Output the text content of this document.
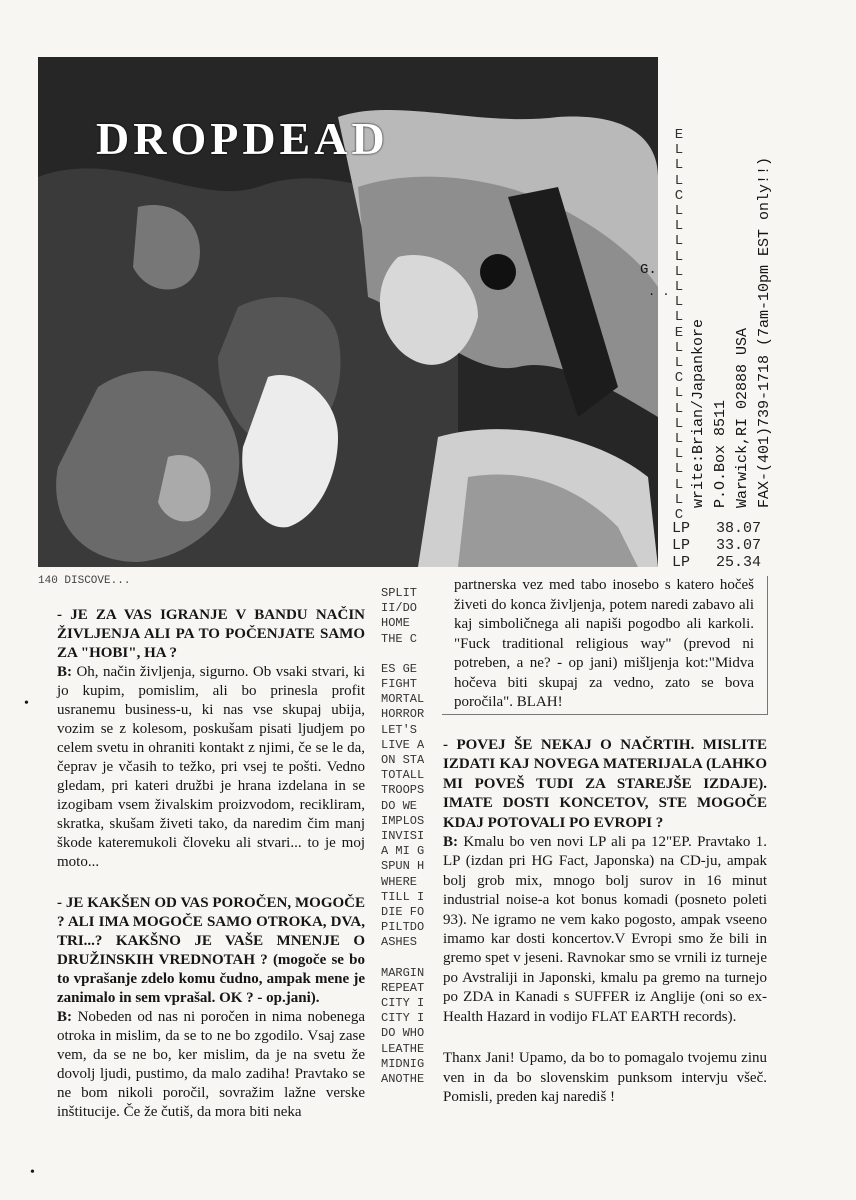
DROPDEAD	E
L
L
L
C
L
L
L
L
L
L
L
L
E
L
L
C
L
L
L
L
L
L
L
L
C
G.
. .
write:Brian/Japankore P.O.Box 8511 Warwick,RI 02888 USA FAX-(401)739-1718 (7am-10pm EST only!!)
LP 38.07
LP 33.07
LP 25.34
140 DISCOVE...

- JE ZA VAS IGRANJE V BANDU NAČIN ŽIVLJENJA ALI PA TO POČENJATE SAMO ZA "HOBI", HA ?

B: Oh, način življenja, sigurno. Ob vsaki stvari, ki jo kupim, pomislim, ali bo prinesla profit usranemu business-u, ki nas vse skupaj ubija, vozim se z kolesom, poskušam pisati ljudjem po celem svetu in ohraniti kontakt z njimi, če se le da, čeprav je včasih to težko, pri vsej te pošti. Vedno gledam, pri kateri družbi je hrana izdelana in se izogibam vsem živalskim proizvodom, recikliram, skratka, skušam živeti tako, da naredim čim manj škode kateremukoli človeku ali stvari... to je moj moto...

- JE KAKŠEN OD VAS POROČEN, MOGOČE ? ALI IMA MOGOČE SAMO OTROKA, DVA, TRI...? KAKŠNO JE VAŠE MNENJE O DRUŽINSKIH VREDNOTAH ? (mogoče se bo to vprašanje zdelo komu čudno, ampak mene je zanimalo in sem vprašal. OK ? - op.jani).

B: Nobeden od nas ni poročen in nima nobenega otroka in mislim, da se to ne bo zgodilo. Vsaj zase vem, da se ne bo, ker mislim, da je na svetu že dovolj ljudi, pustimo, da malo zadiha! Pravtako se ne bom nikoli poročil, sovražim lažne verske inštitucije. Če že čutiš, da mora biti neka

SPLIT
II/DO
HOME
THE C
ES GE
FIGHT
MORTAL
HORROR
LET'S
LIVE A
ON STA
TOTALL
TROOPS
DO WE
IMPLOS
INVISI
A MI G
SPUN H
WHERE
TILL I
DIE FO
PILTDO
ASHES
MARGIN
REPEAT
CITY I
CITY I
DO WHO
LEATHE
MIDNIG
ANOTHE

partnerska vez med tabo inosebo s katero hočeš živeti do konca življenja, potem naredi zabavo ali kaj simboličnega ali napiši pogodbo ali karkoli. "Fuck traditional religious way" (prevod ni potreben, a ne? - op jani) mišljenja kot:"Midva hočeva biti skupaj za vedno, zato se bova poročila". BLAH!

- POVEJ ŠE NEKAJ O NAČRTIH. MISLITE IZDATI KAJ NOVEGA MATERIJALA (LAHKO MI POVEŠ TUDI ZA STAREJŠE IZDAJE). IMATE DOSTI KONCETOV, STE MOGOČE KDAJ POTOVALI PO EVROPI ?

B: Kmalu bo ven novi LP ali pa 12"EP. Pravtako 1. LP (izdan pri HG Fact, Japonska) na CD-ju, ampak bolj grob mix, mnogo bolj surov in 16 minut industrial noise-a kot bonus komadi (posneto poleti 93). Ne igramo ne vem kako pogosto, ampak vseeno imamo kar dosti koncertov.V Evropi smo že bili in gremo spet v jeseni. Ravnokar smo se vrnili iz turneje po Avstraliji in Japonski, kmalu pa gremo na turnejo po ZDA in Kanadi s SUFFER iz Anglije (oni so ex-Health Hazard in vodijo FLAT EARTH records).

Thanx Jani! Upamo, da bo to pomagalo tvojemu zinu ven in da bo slovenskim punksom intervju všeč. Pomisli, preden kaj narediš !

•
•
